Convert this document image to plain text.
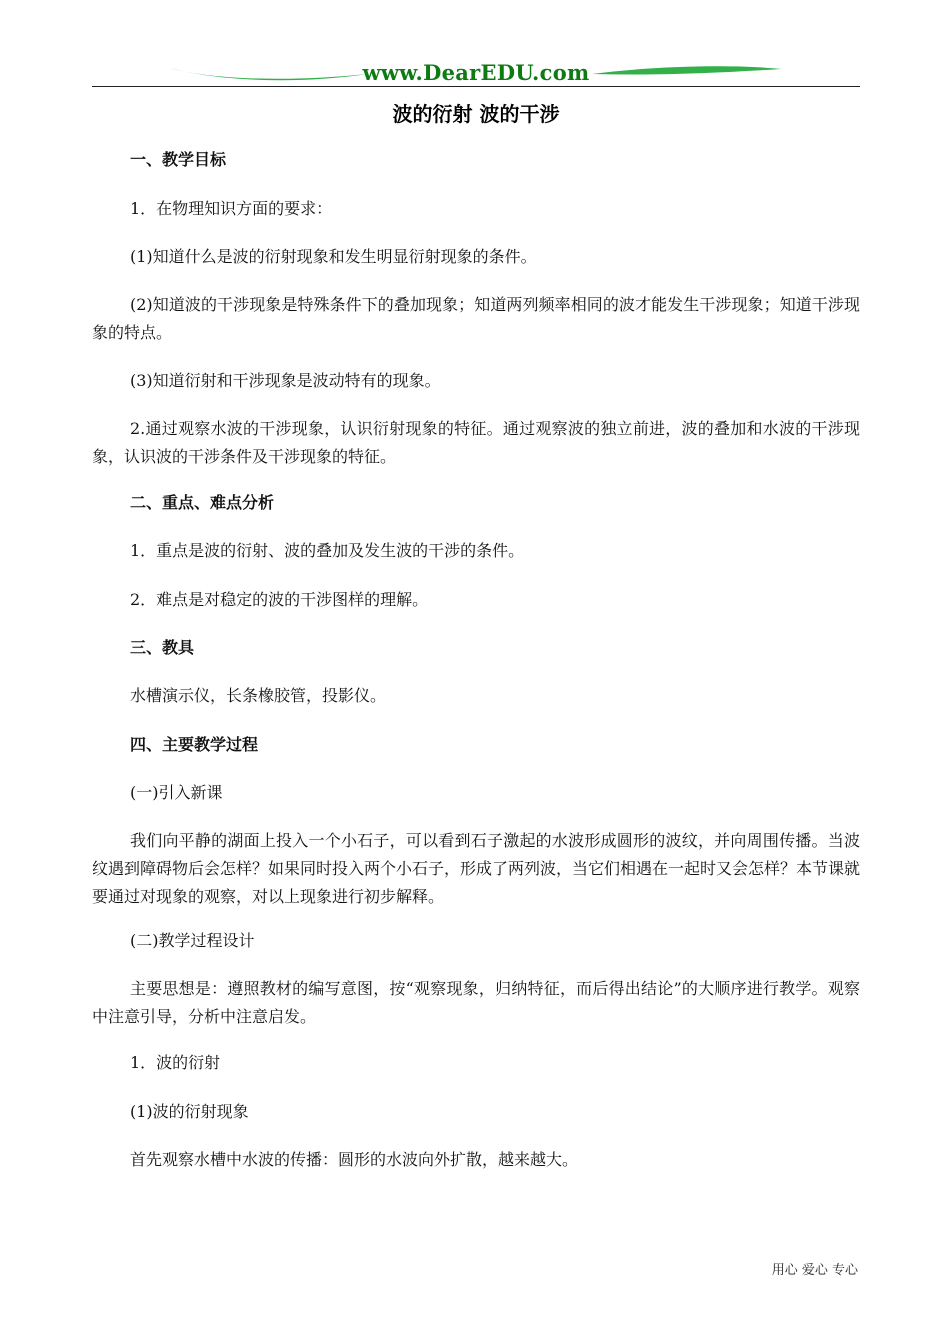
www.DearEDU.com
波的衍射 波的干涉

一、教学目标

1．在物理知识方面的要求：

(1)知道什么是波的衍射现象和发生明显衍射现象的条件。

(2)知道波的干涉现象是特殊条件下的叠加现象；知道两列频率相同的波才能发生干涉现象；知道干涉现象的特点。

(3)知道衍射和干涉现象是波动特有的现象。

2.通过观察水波的干涉现象，认识衍射现象的特征。通过观察波的独立前进，波的叠加和水波的干涉现象，认识波的干涉条件及干涉现象的特征。

二、重点、难点分析

1．重点是波的衍射、波的叠加及发生波的干涉的条件。

2．难点是对稳定的波的干涉图样的理解。

三、教具

水槽演示仪，长条橡胶管，投影仪。

四、主要教学过程

(一)引入新课

我们向平静的湖面上投入一个小石子，可以看到石子激起的水波形成圆形的波纹，并向周围传播。当波纹遇到障碍物后会怎样？如果同时投入两个小石子，形成了两列波，当它们相遇在一起时又会怎样？本节课就要通过对现象的观察，对以上现象进行初步解释。

(二)教学过程设计

主要思想是：遵照教材的编写意图，按“观察现象，归纳特征，而后得出结论”的大顺序进行教学。观察中注意引导，分析中注意启发。

1．波的衍射

(1)波的衍射现象

首先观察水槽中水波的传播：圆形的水波向外扩散，越来越大。

用心 爱心 专心
